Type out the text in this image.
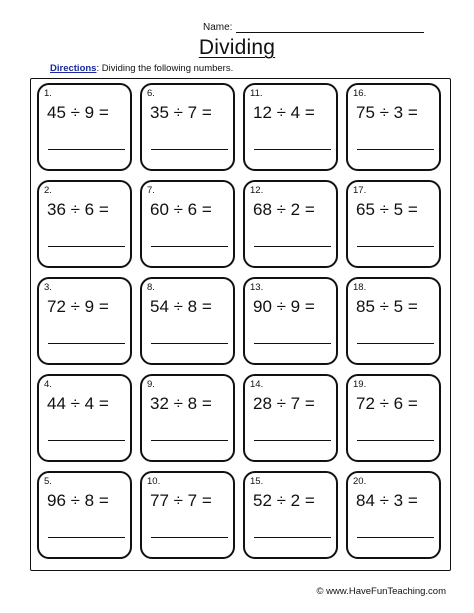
Name:
Dividing
Directions: Dividing the following numbers.
1.
45 ÷ 9 =
6.
35 ÷ 7 =
11.
12 ÷ 4 =
16.
75 ÷ 3 =
2.
36 ÷ 6 =
7.
60 ÷ 6 =
12.
68 ÷ 2 =
17.
65 ÷ 5 =
3.
72 ÷ 9 =
8.
54 ÷ 8 =
13.
90 ÷ 9 =
18.
85 ÷ 5 =
4.
44 ÷ 4 =
9.
32 ÷ 8 =
14.
28 ÷ 7 =
19.
72 ÷ 6 =
5.
96 ÷ 8 =
10.
77 ÷ 7 =
15.
52 ÷ 2 =
20.
84 ÷ 3 =
© www.HaveFunTeaching.com
